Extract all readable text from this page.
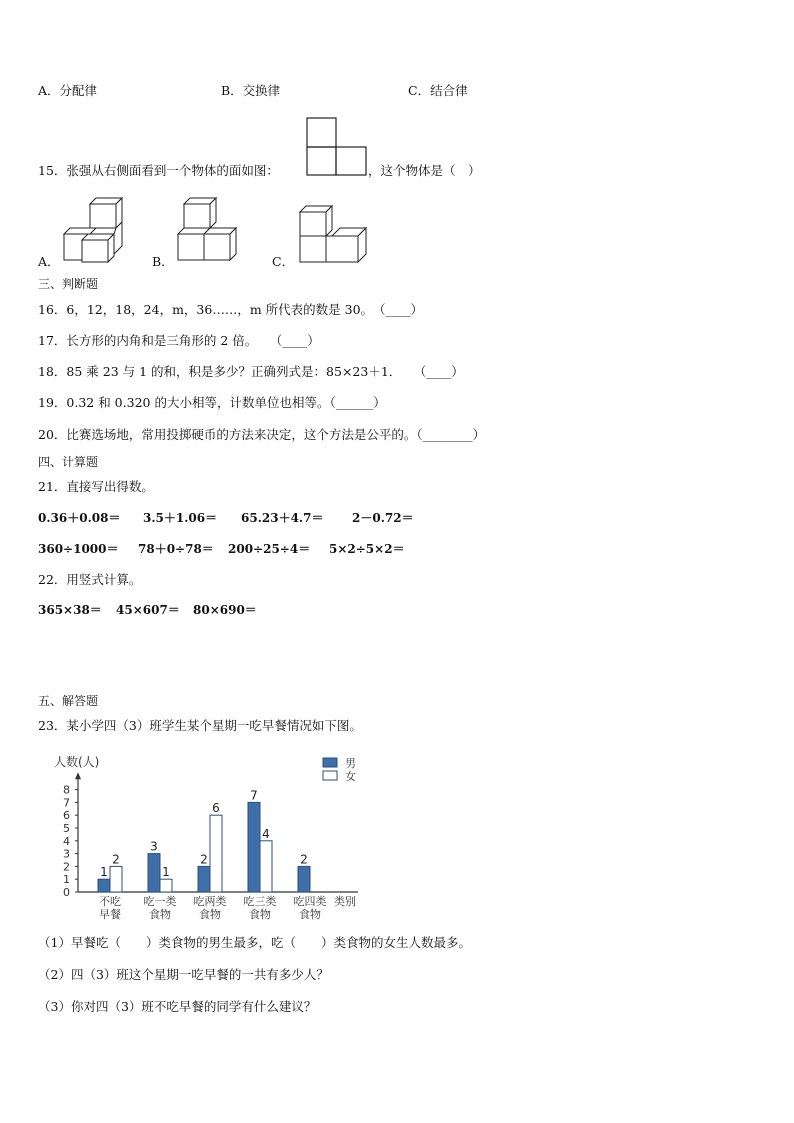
A．分配律	B．交换律	C．结合律
15．张强从右侧面看到一个物体的面如图：	，这个物体是（　）
A．	B．	C．
三、判断题
16．6，12，18，24，m，36……，m 所代表的数是 30。　（____）
17．长方形的内角和是三角形的 2 倍。　　（____）
18．85 乘 23 与 1 的和，积是多少？正确列式是：85×23＋1．　　（____）
19．0.32 和 0.320 的大小相等，计数单位也相等。（______）
20．比赛选场地，常用投掷硬币的方法来决定，这个方法是公平的。（________）
四、计算题
21．直接写出得数。
0.36＋0.08＝ 3.5＋1.06＝ 65.23＋4.7＝ 2－0.72＝
360÷1000＝ 78＋0÷78＝ 200÷25÷4＝ 5×2÷5×2＝
22．用竖式计算。
365×38＝ 45×607＝ 80×690＝
五、解答题
23．某小学四（3）班学生某个星期一吃早餐情况如下图。
人数(人)
0
1
2
3
4
5
6
7
8
1
2
不吃
早餐
3
1
吃一类
食物
2
6
吃两类
食物
7
4
吃三类
食物
2
吃四类
食物
类别
男
女
（1）早餐吃（　　）类食物的男生最多，吃（　　）类食物的女生人数最多。
（2）四（3）班这个星期一吃早餐的一共有多少人？
（3）你对四（3）班不吃早餐的同学有什么建议？
